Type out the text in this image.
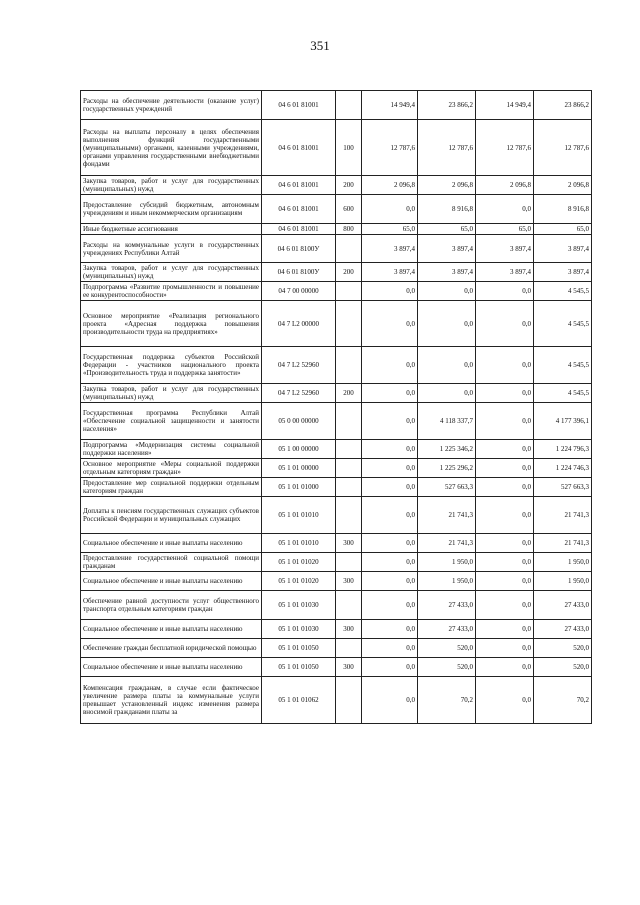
351
Расходы на обеспечение деятельности (оказание услуг) государственных учреждений	04 6 01 81001		14 949,4	23 866,2	14 949,4	23 866,2
Расходы на выплаты персоналу в целях обеспечения выполнения функций государственными (муниципальными) органами, казенными учреждениями, органами управления государственными внебюджетными фондами	04 6 01 81001	100	12 787,6	12 787,6	12 787,6	12 787,6
Закупка товаров, работ и услуг для государственных (муниципальных) нужд	04 6 01 81001	200	2 096,8	2 096,8	2 096,8	2 096,8
Предоставление субсидий бюджетным, автономным учреждениям и иным некоммерческим организациям	04 6 01 81001	600	0,0	8 916,8	0,0	8 916,8
Иные бюджетные ассигнования	04 6 01 81001	800	65,0	65,0	65,0	65,0
Расходы на коммунальные услуги в государственных учреждениях Республики Алтай	04 6 01 8100У		3 897,4	3 897,4	3 897,4	3 897,4
Закупка товаров, работ и услуг для государственных (муниципальных) нужд	04 6 01 8100У	200	3 897,4	3 897,4	3 897,4	3 897,4
Подпрограмма «Развитие промышленности и повышение ее конкурентоспособности»	04 7 00 00000		0,0	0,0	0,0	4 545,5
Основное мероприятие «Реализация регионального проекта «Адресная поддержка повышения производительности труда на предприятиях»	04 7 L2 00000		0,0	0,0	0,0	4 545,5
Государственная поддержка субъектов Российской Федерации - участников национального проекта «Производительность труда и поддержка занятости»	04 7 L2 52960		0,0	0,0	0,0	4 545,5
Закупка товаров, работ и услуг для государственных (муниципальных) нужд	04 7 L2 52960	200	0,0	0,0	0,0	4 545,5
Государственная программа Республики Алтай «Обеспечение социальной защищенности и занятости населения»	05 0 00 00000		0,0	4 118 337,7	0,0	4 177 396,1
Подпрограмма «Модернизация системы социальной поддержки населения»	05 1 00 00000		0,0	1 225 346,2	0,0	1 224 796,3
Основное мероприятие «Меры социальной поддержки отдельным категориям граждан»	05 1 01 00000		0,0	1 225 296,2	0,0	1 224 746,3
Предоставление мер социальной поддержки отдельным категориям граждан	05 1 01 01000		0,0	527 663,3	0,0	527 663,3
Доплаты к пенсиям государственных служащих субъектов Российской Федерации и муниципальных служащих	05 1 01 01010		0,0	21 741,3	0,0	21 741,3
Социальное обеспечение и иные выплаты населению	05 1 01 01010	300	0,0	21 741,3	0,0	21 741,3
Предоставление государственной социальной помощи гражданам	05 1 01 01020		0,0	1 950,0	0,0	1 950,0
Социальное обеспечение и иные выплаты населению	05 1 01 01020	300	0,0	1 950,0	0,0	1 950,0
Обеспечение равной доступности услуг общественного транспорта отдельным категориям граждан	05 1 01 01030		0,0	27 433,0	0,0	27 433,0
Социальное обеспечение и иные выплаты населению	05 1 01 01030	300	0,0	27 433,0	0,0	27 433,0
Обеспечение граждан бесплатной юридической помощью	05 1 01 01050		0,0	520,0	0,0	520,0
Социальное обеспечение и иные выплаты населению	05 1 01 01050	300	0,0	520,0	0,0	520,0
Компенсация гражданам, в случае если фактическое увеличение размера платы за коммунальные услуги превышает установленный индекс изменения размера вносимой гражданами платы за	05 1 01 01062		0,0	70,2	0,0	70,2
